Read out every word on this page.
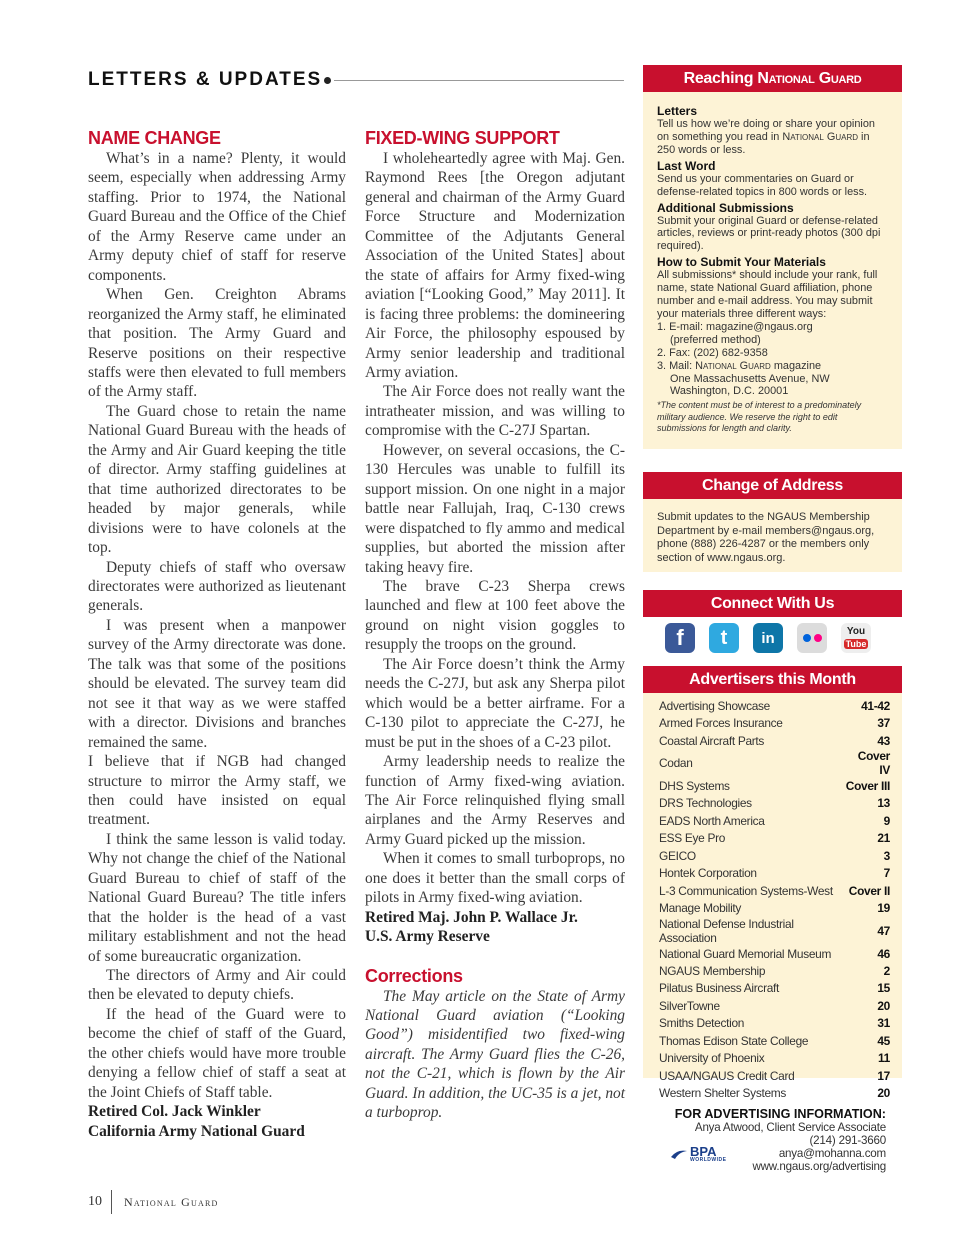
LETTERS & UPDATES
NAME CHANGE

What’s in a name? Plenty, it would seem, especially when addressing Army staffing. Prior to 1974, the National Guard Bureau and the Office of the Chief of the Army Reserve came under an Army deputy chief of staff for reserve components.

When Gen. Creighton Abrams reorganized the Army staff, he eliminated that position. The Army Guard and Reserve positions on their respective staffs were then elevated to full members of the Army staff.

The Guard chose to retain the name National Guard Bureau with the heads of the Army and Air Guard keeping the title of director. Army staffing guidelines at that time authorized directorates to be headed by major generals, while divisions were to have colonels at the top.

Deputy chiefs of staff who oversaw directorates were authorized as lieutenant generals.

I was present when a manpower survey of the Army directorate was done. The talk was that some of the positions should be elevated. The survey team did not see it that way as we were staffed with a director. Divisions and branches remained the same.

I believe that if NGB had changed structure to mirror the Army staff, we then could have insisted on equal treatment.

I think the same lesson is valid today. Why not change the chief of the National Guard Bureau to chief of staff of the National Guard Bureau? The title infers that the holder is the head of a vast military establishment and not the head of some bureaucratic organization.

The directors of Army and Air could then be elevated to deputy chiefs.

If the head of the Guard were to become the chief of staff of the Guard, the other chiefs would have more trouble denying a fellow chief of staff a seat at the Joint Chiefs of Staff table.

Retired Col. Jack Winkler

California Army National Guard

FIXED-WING SUPPORT

I wholeheartedly agree with Maj. Gen. Raymond Rees [the Oregon adjutant general and chairman of the Army Guard Force Structure and Modernization Committee of the Adjutants General Association of the United States] about the state of affairs for Army fixed-wing aviation [“Looking Good,” May 2011]. It is facing three problems: the domineering Air Force, the philosophy espoused by Army senior leadership and traditional Army aviation.

The Air Force does not really want the intratheater mission, and was willing to compromise with the C-27J Spartan.

However, on several occasions, the C-130 Hercules was unable to fulfill its support mission. On one night in a major battle near Fallujah, Iraq, C-130 crews were dispatched to fly ammo and medical supplies, but aborted the mission after taking heavy fire.

The brave C-23 Sherpa crews launched and flew at 100 feet above the ground on night vision goggles to resupply the troops on the ground.

The Air Force doesn’t think the Army needs the C-27J, but ask any Sherpa pilot which would be a better airframe. For a C-130 pilot to appreciate the C-27J, he must be put in the shoes of a C-23 pilot.

Army leadership needs to realize the function of Army fixed-wing aviation. The Air Force relinquished flying small airplanes and the Army Reserves and Army Guard picked up the mission.

When it comes to small turboprops, no one does it better than the small corps of pilots in Army fixed-wing aviation.

Retired Maj. John P. Wallace Jr.

U.S. Army Reserve

Corrections

The May article on the State of Army National Guard aviation (“Looking Good”) misidentified two fixed-wing aircraft. The Army Guard flies the C-26, not the C-21, which is flown by the Air Guard. In addition, the UC-35 is a jet, not a turboprop.

10 National Guard
Reaching National Guard
Letters
Tell us how we’re doing or share your opinion on something you read in National Guard in 250 words or less.
Last Word
Send us your commentaries on Guard or defense-related topics in 800 words or less.
Additional Submissions
Submit your original Guard or defense-related articles, reviews or print-ready photos (300 dpi required).
How to Submit Your Materials
All submissions* should include your rank, full name, state National Guard affiliation, phone number and e-mail address. You may submit your materials three different ways:
1. E-mail: magazine@ngaus.org
(preferred method)
2. Fax: (202) 682-9358
3. Mail: National Guard magazine
One Massachusetts Avenue, NW
Washington, D.C. 20001
*The content must be of interest to a predominately military audience. We reserve the right to edit submissions for length and clarity.
Change of Address
Submit updates to the NGAUS Membership Department by e-mail members@ngaus.org, phone (888) 226-4287 or the members only section of www.ngaus.org.
Connect With Us
f t in	You
Tube
Advertisers this Month
Advertising Showcase	41-42
Armed Forces Insurance	37
Coastal Aircraft Parts	43
Codan	Cover IV
DHS Systems	Cover III
DRS Technologies	13
EADS North America	9
ESS Eye Pro	21
GEICO	3
Hontek Corporation	7
L-3 Communication Systems-West	Cover II
Manage Mobility	19
National Defense Industrial Association	47
National Guard Memorial Museum	46
NGAUS Membership	2
Pilatus Business Aircraft	15
SilverTowne	20
Smiths Detection	31
Thomas Edison State College	45
University of Phoenix	11
USAA/NGAUS Credit Card	17
Western Shelter Systems	20
FOR ADVERTISING INFORMATION:
Anya Atwood, Client Service Associate
(214) 291-3660
anya@mohanna.com
www.ngaus.org/advertising
BPA
WORLDWIDE
